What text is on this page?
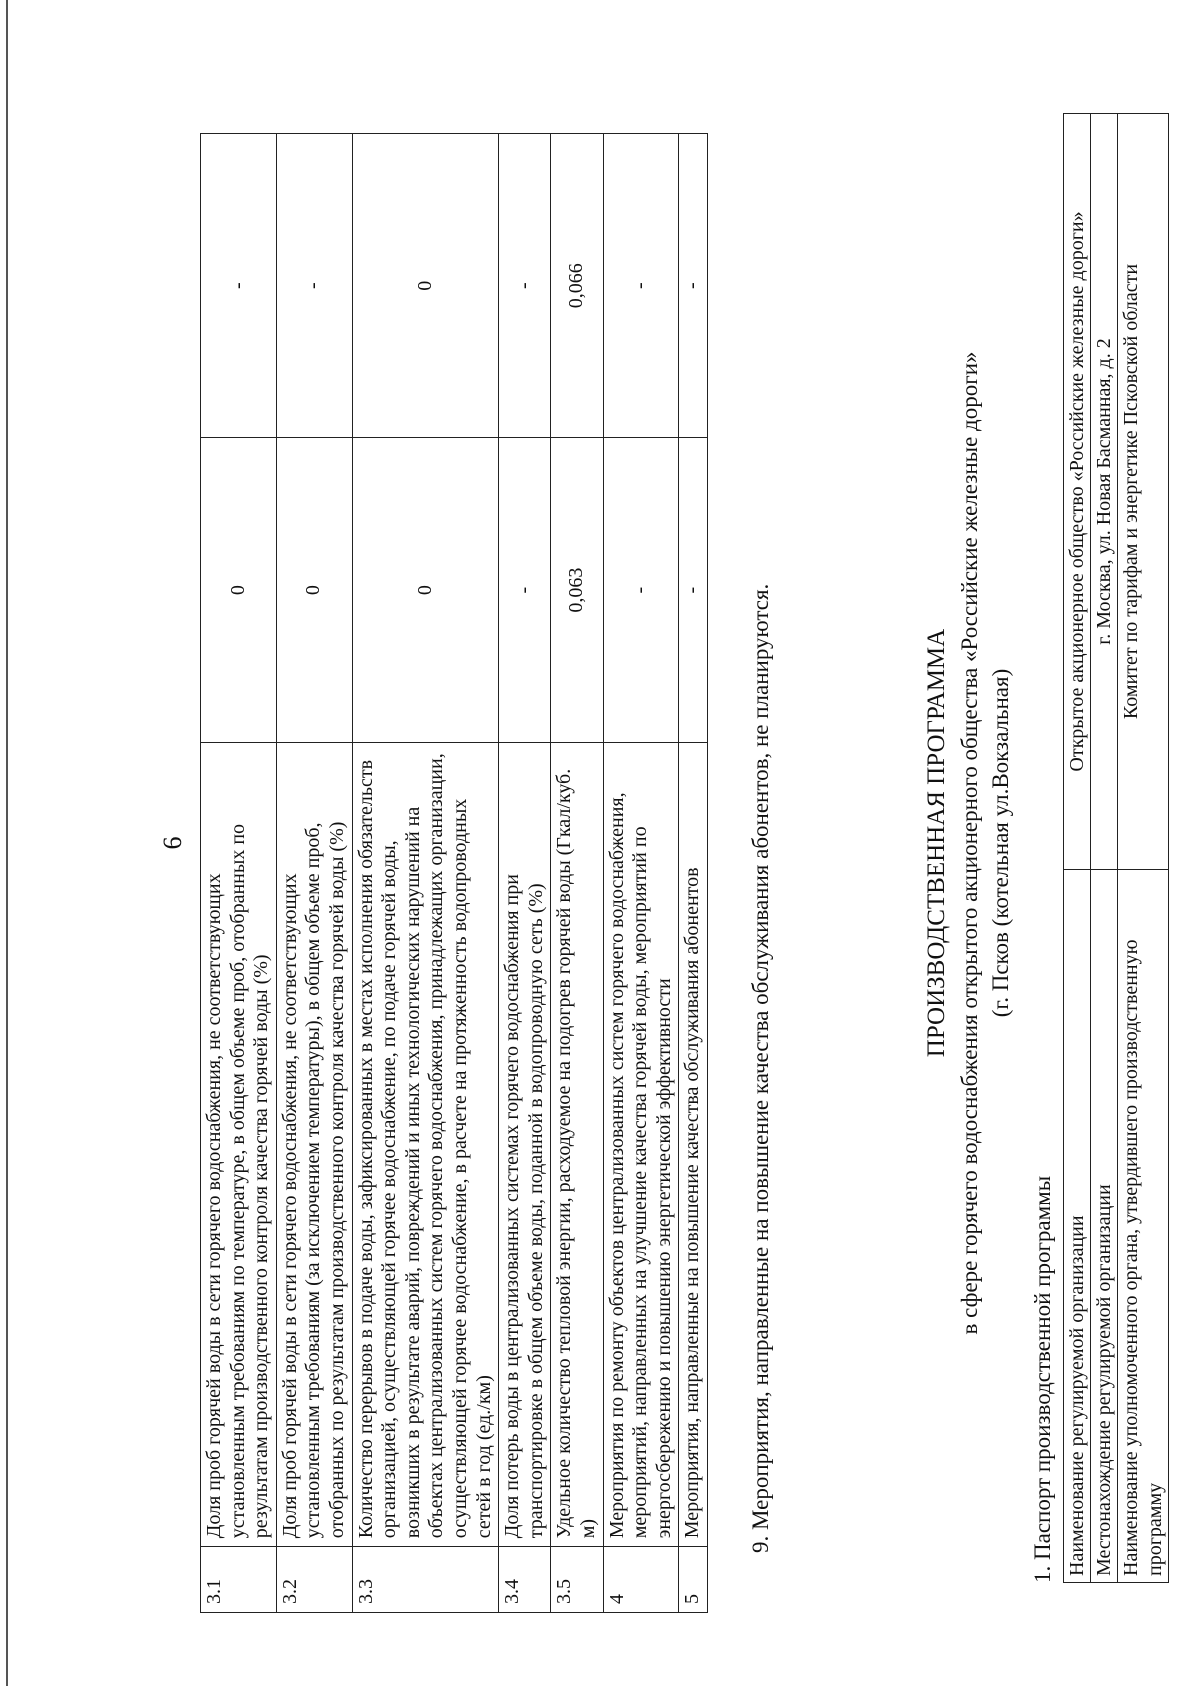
6
3.1	Доля проб горячей воды в сети горячего водоснабжения, не соответствующих установленным требованиям по температуре, в общем объеме проб, отобранных по результатам производственного контроля качества горячей воды (%)	0	-
3.2	Доля проб горячей воды в сети горячего водоснабжения, не соответствующих установленным требованиям (за исключением температуры), в общем объеме проб, отобранных по результатам производственного контроля качества горячей воды (%)	0	-
3.3	Количество перерывов в подаче воды, зафиксированных в местах исполнения обязательств организацией, осуществляющей горячее водоснабжение, по подаче горячей воды, возникших в результате аварий, повреждений и иных технологических нарушений на объектах централизованных систем горячего водоснабжения, принадлежащих организации, осуществляющей горячее водоснабжение, в расчете на протяженность водопроводных сетей в год (ед./км)	0	0
3.4	Доля потерь воды в централизованных системах горячего водоснабжения при транспортировке в общем объеме воды, поданной в водопроводную сеть (%)	-	-
3.5	Удельное количество тепловой энергии, расходуемое на подогрев горячей воды (Гкал/куб. м)	0,063	0,066
4	Мероприятия по ремонту объектов централизованных систем горячего водоснабжения, мероприятий, направленных на улучшение качества горячей воды, мероприятий по энергосбережению и повышению энергетической эффективности	-	-
5	Мероприятия, направленные на повышение качества обслуживания абонентов	-	-
9. Мероприятия, направленные на повышение качества обслуживания абонентов, не планируются.	ПРОИЗВОДСТВЕННАЯ ПРОГРАММА в сфере горячего водоснабжения открытого акционерного общества «Российские железные дороги» (г. Псков (котельная ул.Вокзальная)
1. Паспорт производственной программы Наименование регулируемой организации	Открытое акционерное общество «Российские железные дороги»
Местонахождение регулируемой организации	г. Москва, ул. Новая Басманная, д. 2
Наименование уполномоченного органа, утвердившего производственную программу	Комитет по тарифам и энергетике Псковской области
